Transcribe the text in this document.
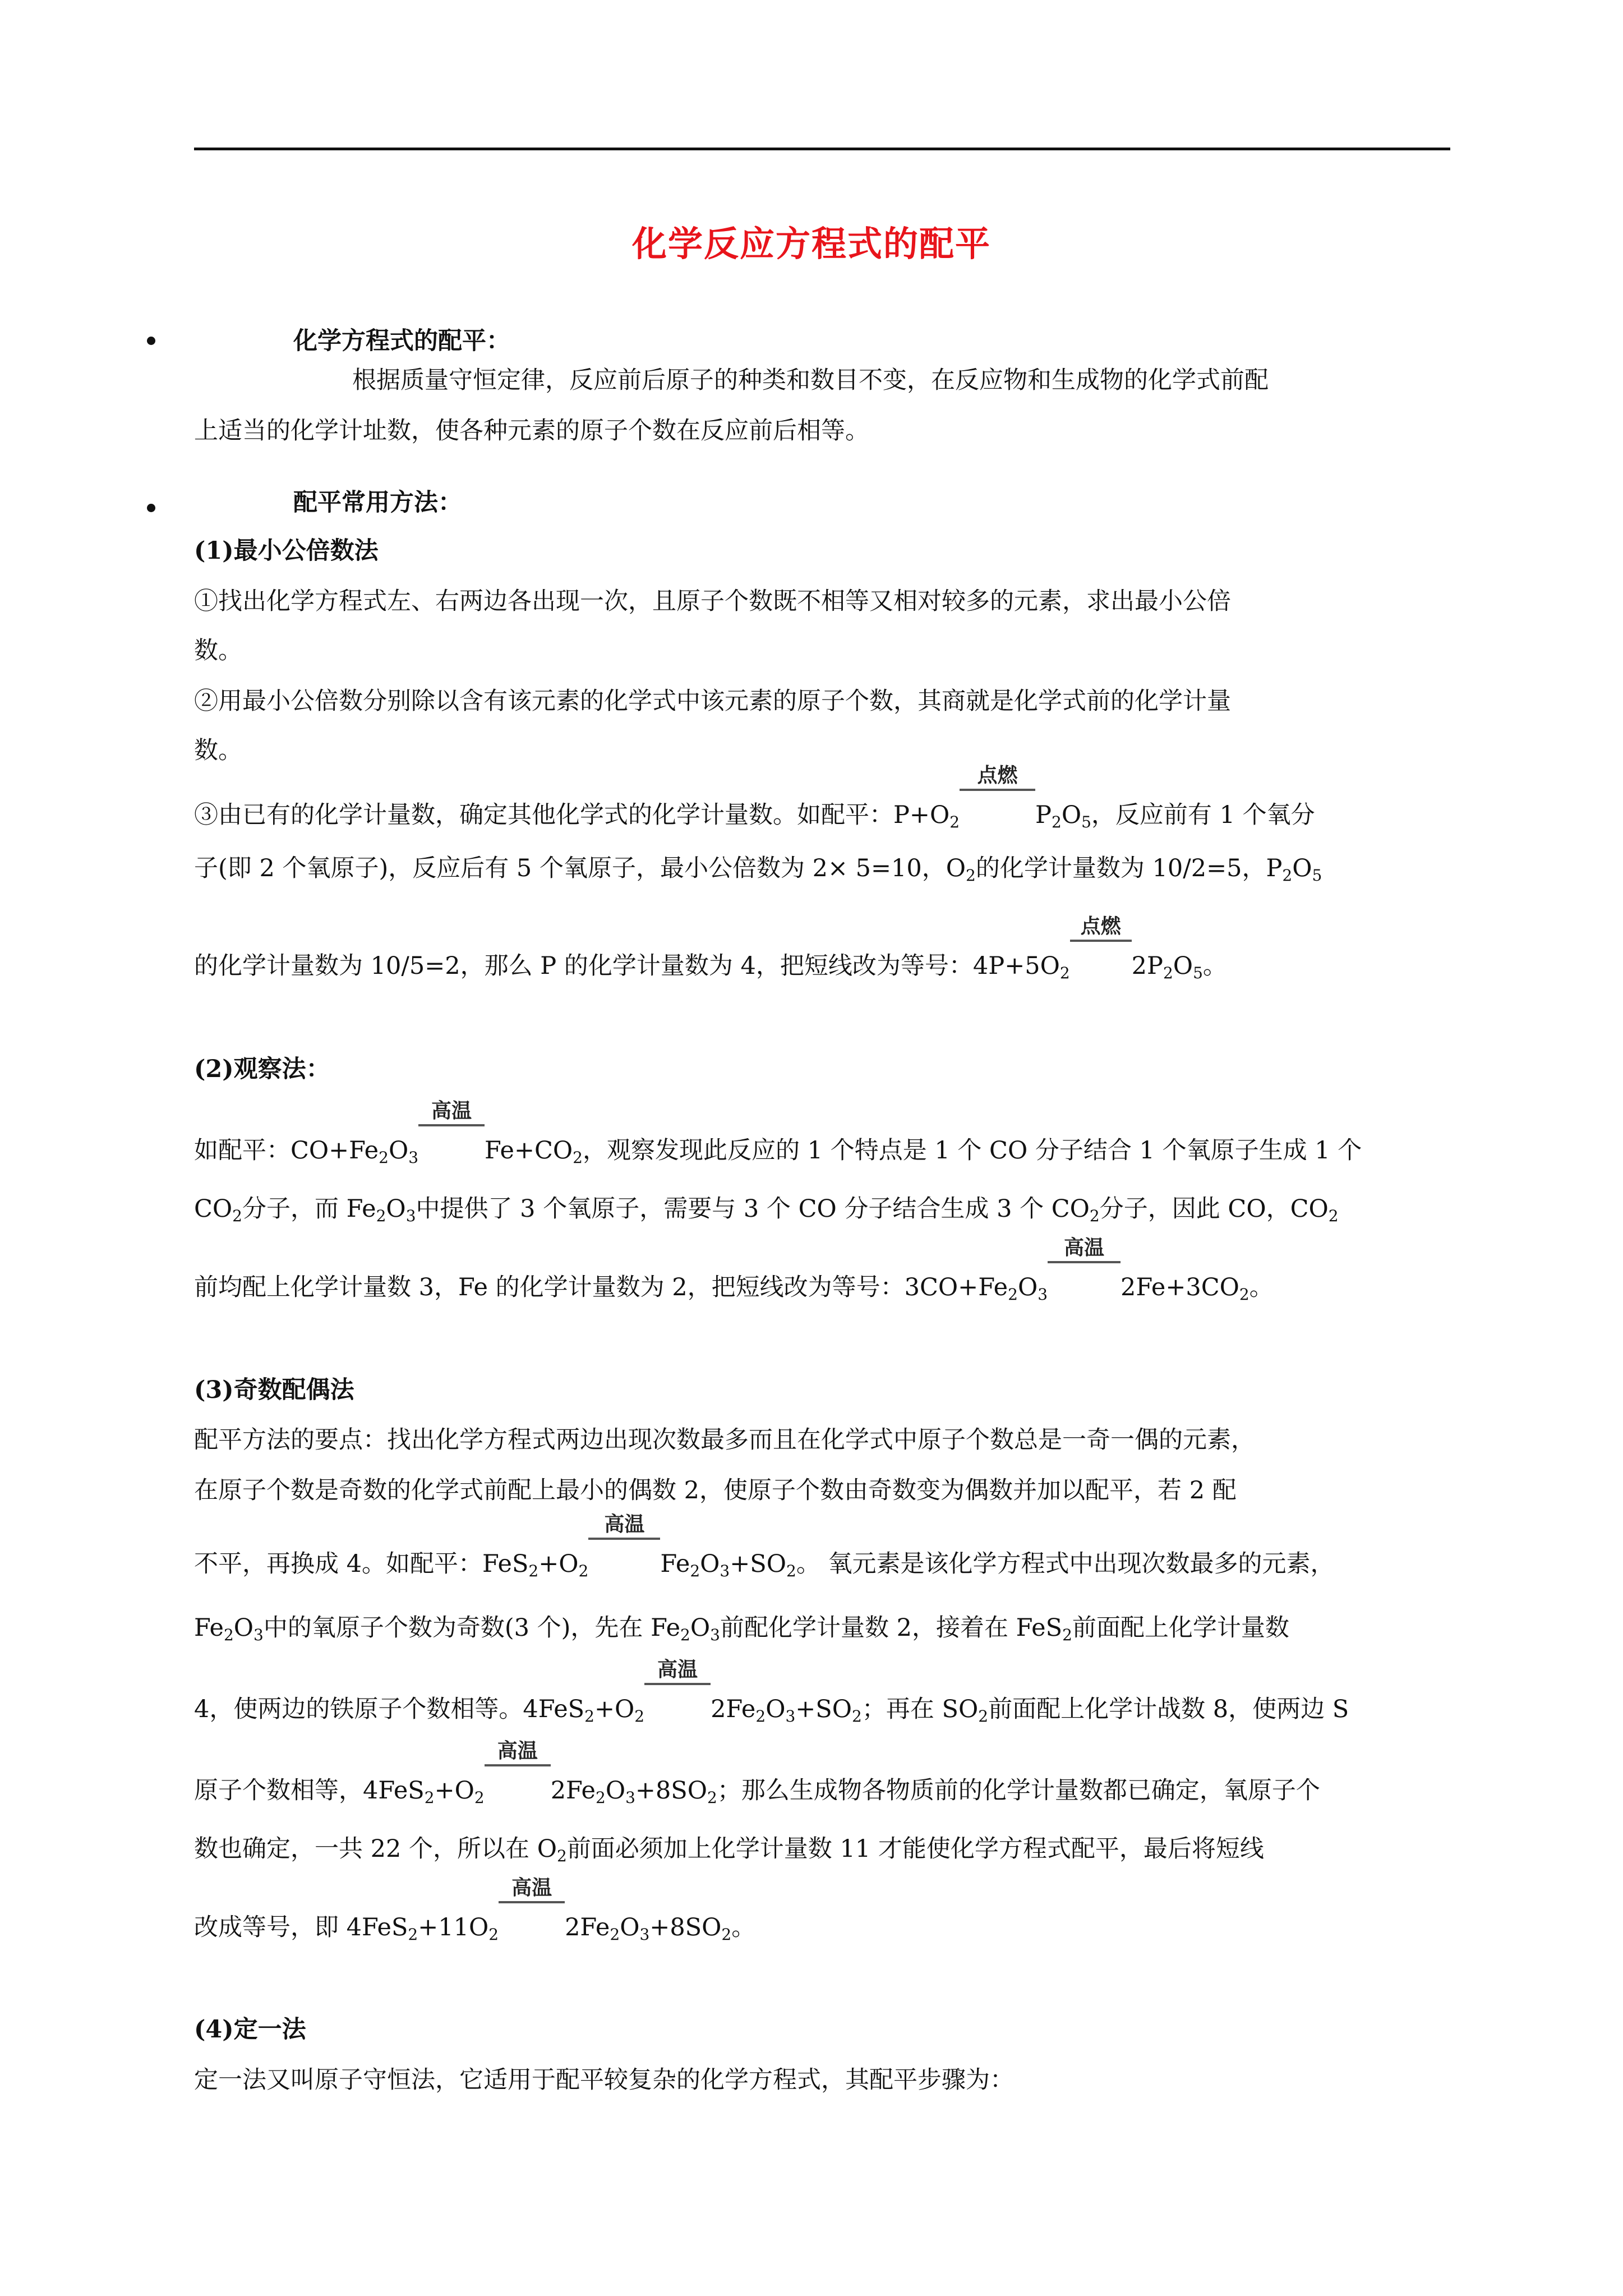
化学反应方程式的配平
化学方程式的配平：
根据质量守恒定律，反应前后原子的种类和数目不变，在反应物和生成物的化学式前配
上适当的化学计址数，使各种元素的原子个数在反应前后相等。
配平常用方法：
(1)最小公倍数法
①找出化学方程式左、右两边各出现一次，且原子个数既不相等又相对较多的元素，求出最小公倍
数。
②用最小公倍数分别除以含有该元素的化学式中该元素的原子个数，其商就是化学式前的化学计量
数。
③由已有的化学计量数，确定其他化学式的化学计量数。如配平：$P+O_2$
点燃
$P_2O_5$，反应前有 1 个氧分
子(即 2 个氧原子)，反应后有 5 个氧原子，最小公倍数为 2× 5=10，$O_2$的化学计量数为 10/2=5，$P_2O_5$
的化学计量数为 10/5=2，那么 P 的化学计量数为 4，把短线改为等号：$4P+5O_2$
点燃
$2P_2O_5$。
(2)观察法：
如配平：$CO+Fe_2O_3$
高温
$Fe+CO_2$，观察发现此反应的 1 个特点是 1 个 CO 分子结合 1 个氧原子生成 1 个
$CO_2$分子，而 $Fe_2O_3$中提供了 3 个氧原子，需要与 3 个 CO 分子结合生成 3 个 $CO_2$分子，因此 CO，$CO_2$
前均配上化学计量数 3，Fe 的化学计量数为 2，把短线改为等号：$3CO+Fe_2O_3$
高温
$2Fe+3CO_2$。
(3)奇数配偶法
配平方法的要点：找出化学方程式两边出现次数最多而且在化学式中原子个数总是一奇一偶的元素，
在原子个数是奇数的化学式前配上最小的偶数 2，使原子个数由奇数变为偶数并加以配平，若 2 配
不平，再换成 4。如配平：$FeS_2+O_2$
高温
$Fe_2O_3+SO_2$。 氧元素是该化学方程式中出现次数最多的元素，
$Fe_2O_3$中的氧原子个数为奇数(3 个)，先在 $Fe_2O_3$前配化学计量数 2，接着在 FeS$_2$前面配上化学计量数
4，使两边的铁原子个数相等。$4FeS_2+O_2$
高温
$2Fe_2O_3+SO_2$；再在 $SO_2$前面配上化学计战数 8，使两边 S
原子个数相等，$4FeS_2+O_2$
高温
$2Fe_2O_3+8SO_2$；那么生成物各物质前的化学计量数都已确定，氧原子个
数也确定，一共 22 个，所以在 $O_2$前面必须加上化学计量数 11 才能使化学方程式配平，最后将短线
改成等号，即 $4FeS_2+11O_2$
高温
$2Fe_2O_3+8SO_2$。
(4)定一法
定一法又叫原子守恒法，它适用于配平较复杂的化学方程式，其配平步骤为：
